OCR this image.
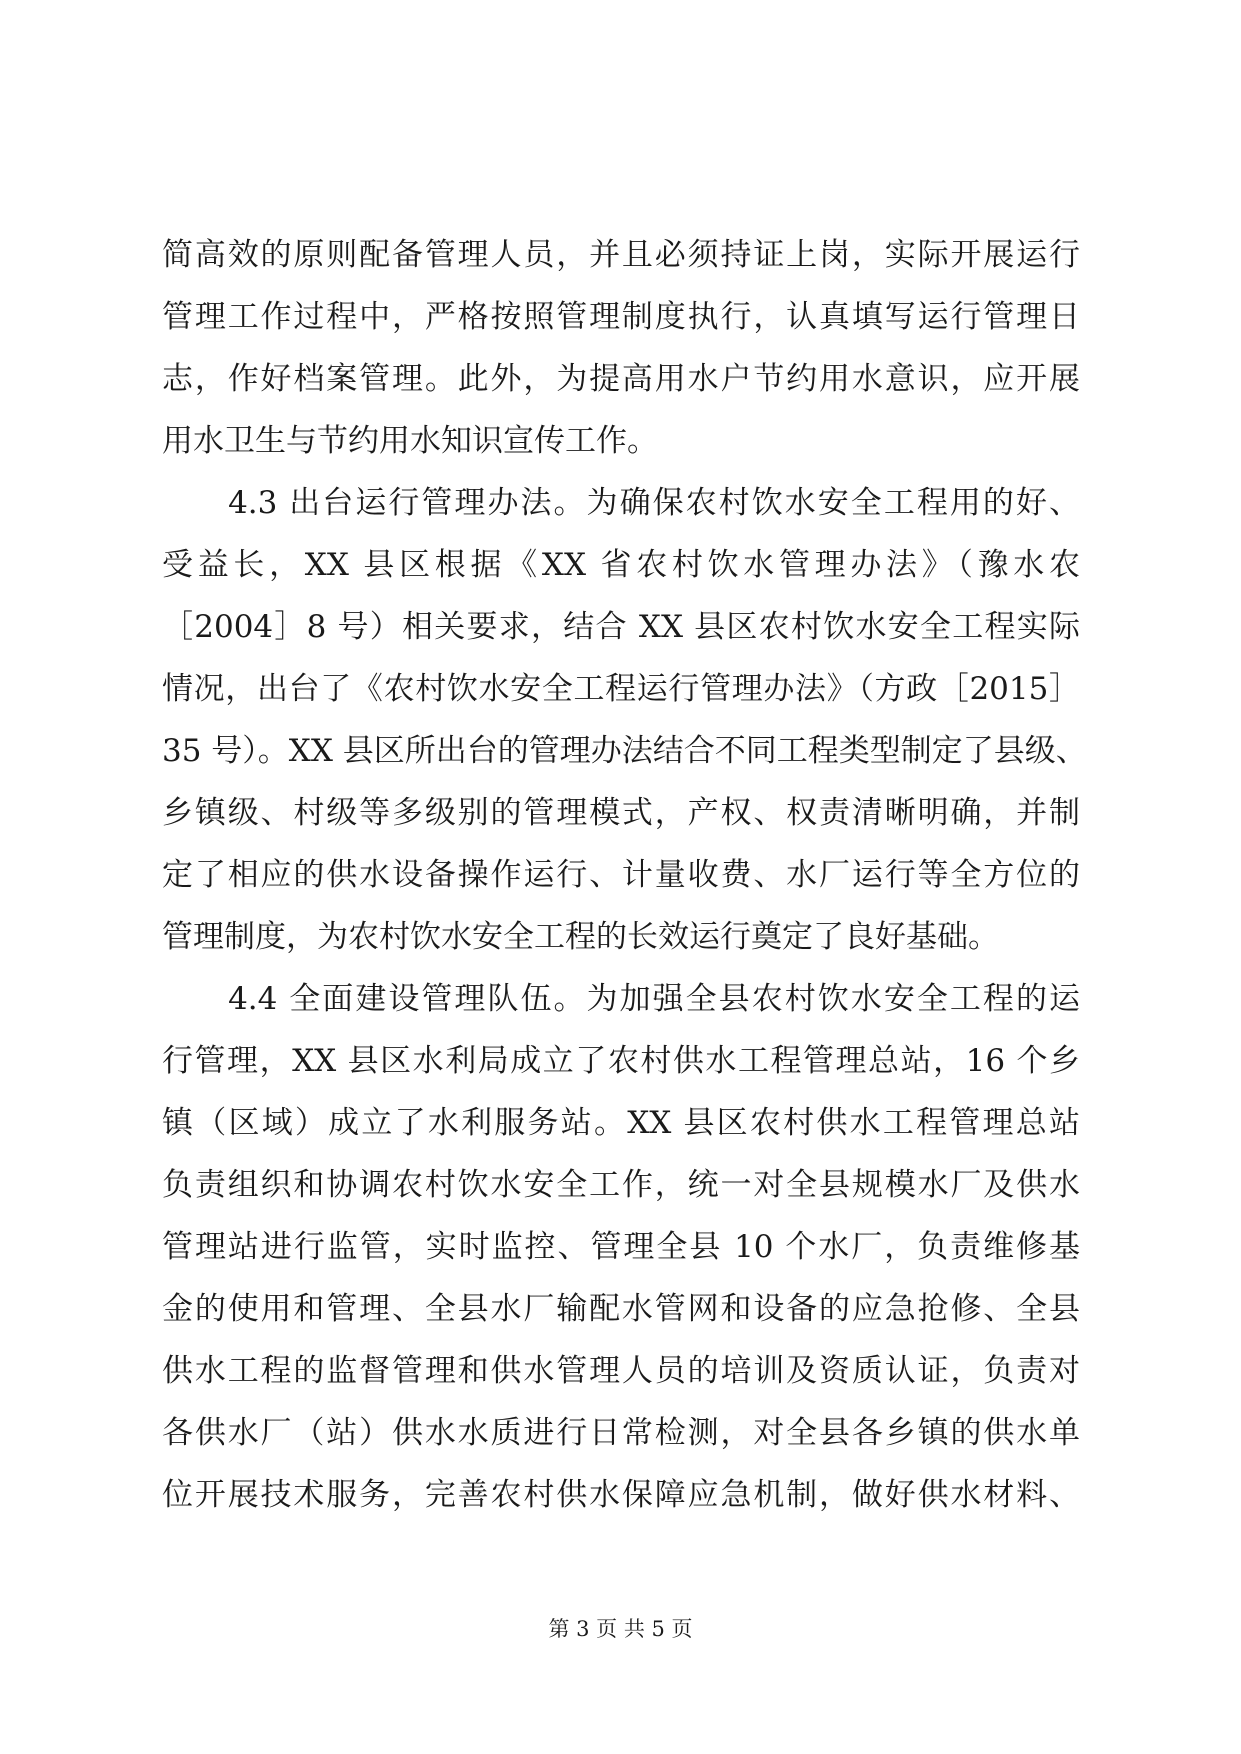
简高效的原则配备管理人员，并且必须持证上岗，实际开展运行
管理工作过程中，严格按照管理制度执行，认真填写运行管理日
志，作好档案管理。此外，为提高用水户节约用水意识，应开展
用水卫生与节约用水知识宣传工作。
　　4.3 出台运行管理办法。为确保农村饮水安全工程用的好、
受益长，XX 县区根据《XX 省农村饮水管理办法》（豫水农
［2004］8 号）相关要求，结合 XX 县区农村饮水安全工程实际
情况，出台了《农村饮水安全工程运行管理办法》（方政［2015］
35 号）。XX 县区所出台的管理办法结合不同工程类型制定了县级、
乡镇级、村级等多级别的管理模式，产权、权责清晰明确，并制
定了相应的供水设备操作运行、计量收费、水厂运行等全方位的
管理制度，为农村饮水安全工程的长效运行奠定了良好基础。
　　4.4 全面建设管理队伍。为加强全县农村饮水安全工程的运
行管理，XX 县区水利局成立了农村供水工程管理总站，16 个乡
镇（区域）成立了水利服务站。XX 县区农村供水工程管理总站
负责组织和协调农村饮水安全工作，统一对全县规模水厂及供水
管理站进行监管，实时监控、管理全县 10 个水厂，负责维修基
金的使用和管理、全县水厂输配水管网和设备的应急抢修、全县
供水工程的监督管理和供水管理人员的培训及资质认证，负责对
各供水厂（站）供水水质进行日常检测，对全县各乡镇的供水单
位开展技术服务，完善农村供水保障应急机制，做好供水材料、
第 3 页 共 5 页
